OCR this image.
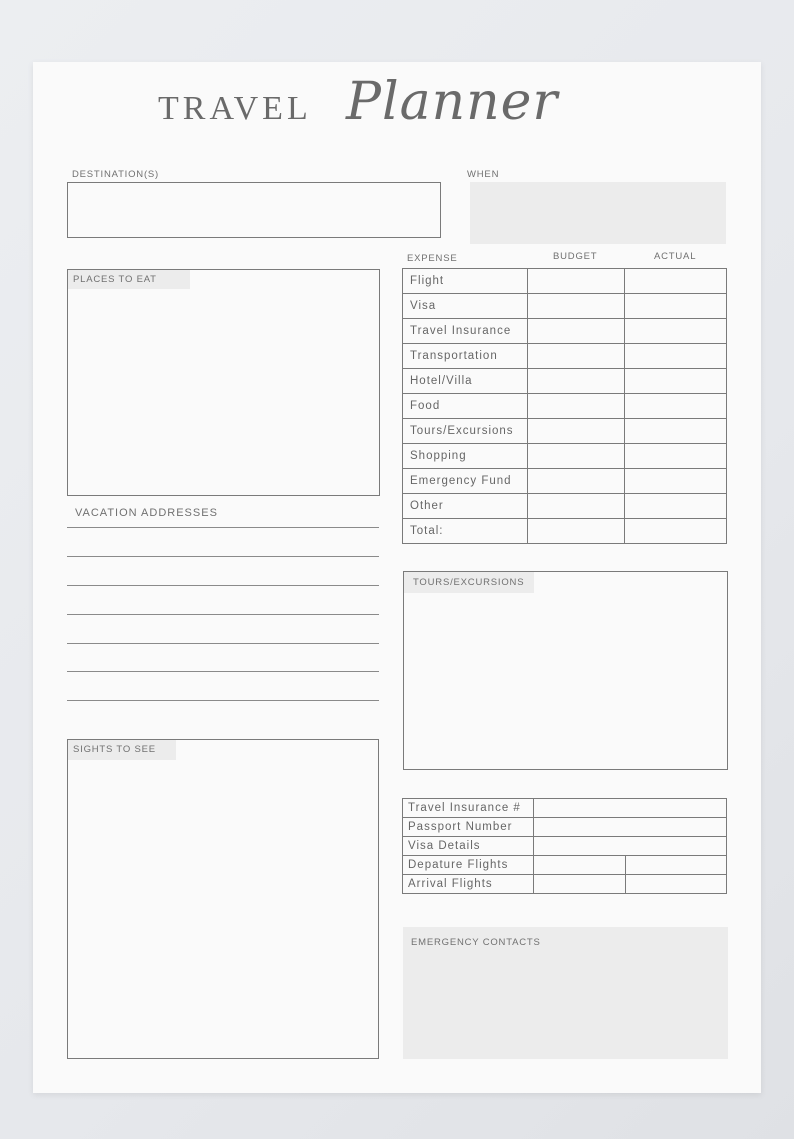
TRAVEL Planner
DESTINATION(S)	WHEN
PLACES TO EAT
VACATION ADDRESSES
SIGHTS TO SEE
EXPENSE	BUDGET	ACTUAL
Flight		
Visa		
Travel Insurance		
Transportation		
Hotel/Villa		
Food		
Tours/Excursions		
Shopping		
Emergency Fund		
Other		
Total:		
TOURS/EXCURSIONS
Travel Insurance #		
Passport Number		
Visa Details		
Depature Flights		
Arrival Flights		
EMERGENCY CONTACTS
